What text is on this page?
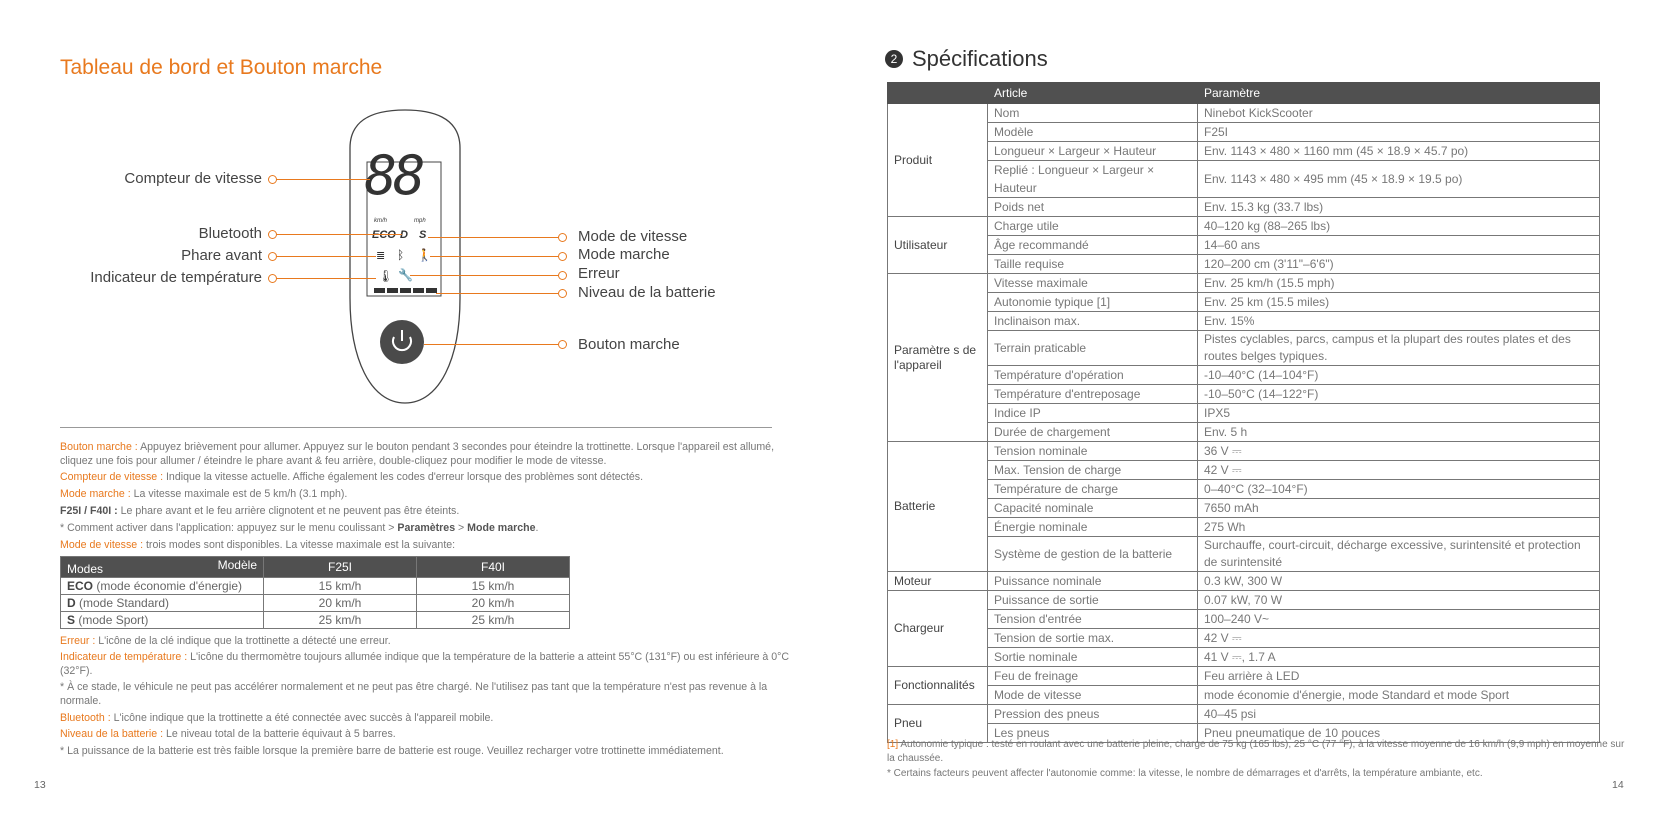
Tableau de bord et Bouton marche
88
km/h	mph
ECO D S
≣ ᛒ 🚶
🌡 🔧
Compteur de vitesse
Bluetooth
Phare avant
Indicateur de température
Mode de vitesse
Mode marche
Erreur
Niveau de la batterie
Bouton marche
Bouton marche : Appuyez brièvement pour allumer. Appuyez sur le bouton pendant 3 secondes pour éteindre la trottinette. Lorsque l'appareil est allumé, cliquez une fois pour allumer / éteindre le phare avant & feu arrière, double-cliquez pour modifier le mode de vitesse.
Compteur de vitesse : Indique la vitesse actuelle. Affiche également les codes d'erreur lorsque des problèmes sont détectés.
Mode marche : La vitesse maximale est de 5 km/h (3.1 mph).
F25I / F40I : Le phare avant et le feu arrière clignotent et ne peuvent pas être éteints.
* Comment activer dans l'application: appuyez sur le menu coulissant > Paramètres > Mode marche.
Mode de vitesse : trois modes sont disponibles. La vitesse maximale est la suivante:
Modes Modèle	F25I	F40I
ECO (mode économie d'énergie)	15 km/h	15 km/h
D (mode Standard)	20 km/h	20 km/h
S (mode Sport)	25 km/h	25 km/h
Erreur : L'icône de la clé indique que la trottinette a détecté une erreur.
Indicateur de température : L'icône du thermomètre toujours allumée indique que la température de la batterie a atteint 55°C (131°F) ou est inférieure à 0°C (32°F).
* À ce stade, le véhicule ne peut pas accélérer normalement et ne peut pas être chargé. Ne l'utilisez pas tant que la température n'est pas revenue à la normale.
Bluetooth : L'icône indique que la trottinette a été connectée avec succès à l'appareil mobile.
Niveau de la batterie : Le niveau total de la batterie équivaut à 5 barres.
* La puissance de la batterie est très faible lorsque la première barre de batterie est rouge. Veuillez recharger votre trottinette immédiatement.
13
2 Spécifications
	Article	Paramètre
Produit	Nom	Ninebot KickScooter
	Modèle	F25I
	Longueur × Largeur × Hauteur	Env. 1143 × 480 × 1160 mm (45 × 18.9 × 45.7 po)
	Replié : Longueur × Largeur × Hauteur	Env. 1143 × 480 × 495 mm (45 × 18.9 × 19.5 po)
	Poids net	Env. 15.3 kg (33.7 lbs)
Utilisateur	Charge utile	40–120 kg (88–265 lbs)
	Âge recommandé	14–60 ans
	Taille requise	120–200 cm (3'11"–6'6")
Paramètre s de l'appareil	Vitesse maximale	Env. 25 km/h (15.5 mph)
	Autonomie typique [1]	Env. 25 km (15.5 miles)
	Inclinaison max.	Env. 15%
	Terrain praticable	Pistes cyclables, parcs, campus et la plupart des routes plates et des routes belges typiques.
	Température d'opération	-10–40°C (14–104°F)
	Température d'entreposage	-10–50°C (14–122°F)
	Indice IP	IPX5
	Durée de chargement	Env. 5 h
Batterie	Tension nominale	36 V ⎓
	Max. Tension de charge	42 V ⎓
	Température de charge	0–40°C (32–104°F)
	Capacité nominale	7650 mAh
	Énergie nominale	275 Wh
	Système de gestion de la batterie	Surchauffe, court-circuit, décharge excessive, surintensité et protection de surintensité
Moteur	Puissance nominale	0.3 kW, 300 W
Chargeur	Puissance de sortie	0.07 kW, 70 W
	Tension d'entrée	100–240 V~
	Tension de sortie max.	42 V ⎓
	Sortie nominale	41 V ⎓, 1.7 A
Fonctionnalités	Feu de freinage	Feu arrière à LED
	Mode de vitesse	mode économie d'énergie, mode Standard et mode Sport
Pneu	Pression des pneus	40–45 psi
	Les pneus	Pneu pneumatique de 10 pouces
[1] Autonomie typique : testé en roulant avec une batterie pleine, charge de 75 kg (165 lbs), 25 °C (77 °F), à la vitesse moyenne de 16 km/h (9,9 mph) en moyenne sur la chaussée.
* Certains facteurs peuvent affecter l'autonomie comme: la vitesse, le nombre de démarrages et d'arrêts, la température ambiante, etc.
14
